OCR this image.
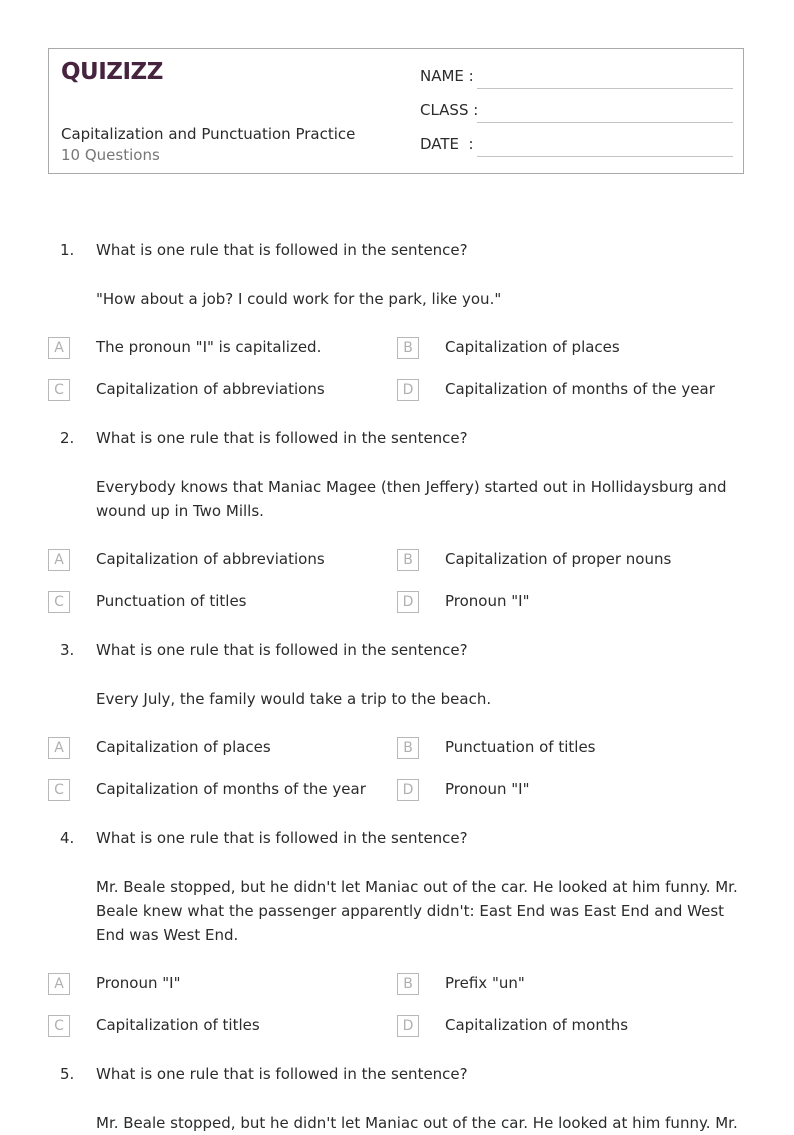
QUIZIZZ
Capitalization and Punctuation Practice
10 Questions
NAME :
CLASS :
DATE  :
1. What is one rule that is followed in the sentence?
"How about a job? I could work for the park, like you."
A	The pronoun "I" is capitalized.	B	Capitalization of places
C	Capitalization of abbreviations	D	Capitalization of months of the year
2. What is one rule that is followed in the sentence?
Everybody knows that Maniac Magee (then Jeffery) started out in Hollidaysburg and wound up in Two Mills.
A	Capitalization of abbreviations	B	Capitalization of proper nouns
C	Punctuation of titles	D	Pronoun "I"
3. What is one rule that is followed in the sentence?
Every July, the family would take a trip to the beach.
A	Capitalization of places	B	Punctuation of titles
C	Capitalization of months of the year	D	Pronoun "I"
4. What is one rule that is followed in the sentence?
Mr. Beale stopped, but he didn't let Maniac out of the car. He looked at him funny. Mr. Beale knew what the passenger apparently didn't: East End was East End and West End was West End.
A	Pronoun "I"	B	Prefix "un"
C	Capitalization of titles	D	Capitalization of months
5. What is one rule that is followed in the sentence?
Mr. Beale stopped, but he didn't let Maniac out of the car. He looked at him funny. Mr.
